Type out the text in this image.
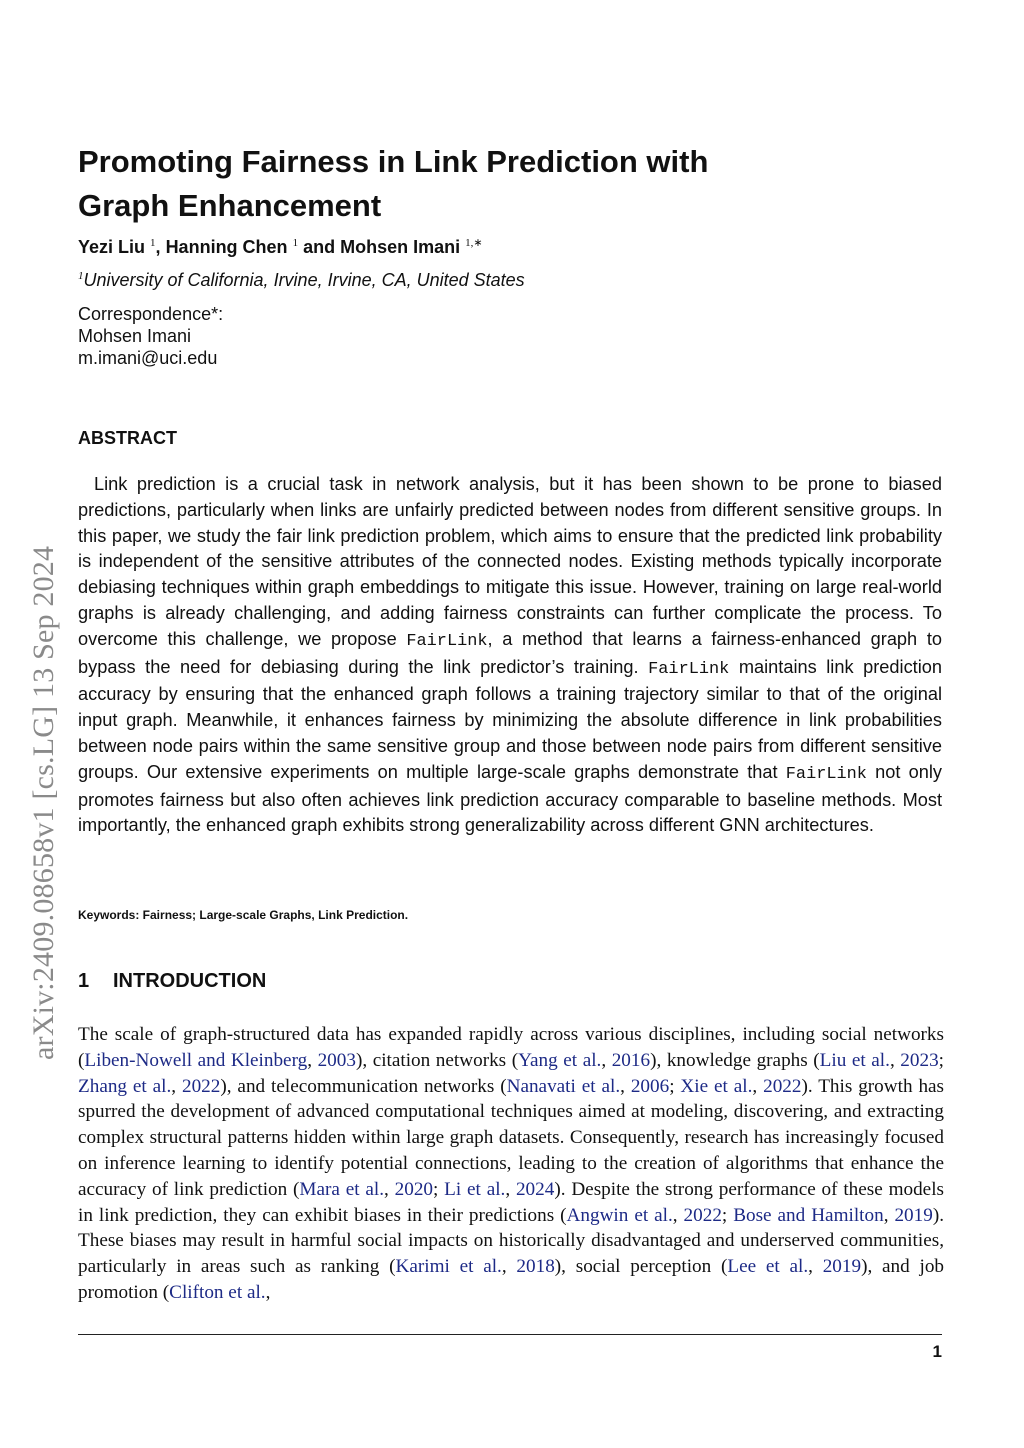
arXiv:2409.08658v1 [cs.LG] 13 Sep 2024
Promoting Fairness in Link Prediction with
Graph Enhancement
Yezi Liu $^1$, Hanning Chen $^1$ and Mohsen Imani $^{1,∗}$
$^1$University of California, Irvine, Irvine, CA, United States
Correspondence*:
Mohsen Imani
m.imani@uci.edu
ABSTRACT

Link prediction is a crucial task in network analysis, but it has been shown to be prone to biased predictions, particularly when links are unfairly predicted between nodes from different sensitive groups. In this paper, we study the fair link prediction problem, which aims to ensure that the predicted link probability is independent of the sensitive attributes of the connected nodes. Existing methods typically incorporate debiasing techniques within graph embeddings to mitigate this issue. However, training on large real-world graphs is already challenging, and adding fairness constraints can further complicate the process. To overcome this challenge, we propose FairLink, a method that learns a fairness-enhanced graph to bypass the need for debiasing during the link predictor’s training. FairLink maintains link prediction accuracy by ensuring that the enhanced graph follows a training trajectory similar to that of the original input graph. Meanwhile, it enhances fairness by minimizing the absolute difference in link probabilities between node pairs within the same sensitive group and those between node pairs from different sensitive groups. Our extensive experiments on multiple large-scale graphs demonstrate that FairLink not only promotes fairness but also often achieves link prediction accuracy comparable to baseline methods. Most importantly, the enhanced graph exhibits strong generalizability across different GNN architectures.

Keywords: Fairness; Large-scale Graphs, Link Prediction.
1 INTRODUCTION

The scale of graph-structured data has expanded rapidly across various disciplines, including social networks (Liben-Nowell and Kleinberg, 2003), citation networks (Yang et al., 2016), knowledge graphs (Liu et al., 2023; Zhang et al., 2022), and telecommunication networks (Nanavati et al., 2006; Xie et al., 2022). This growth has spurred the development of advanced computational techniques aimed at modeling, discovering, and extracting complex structural patterns hidden within large graph datasets. Consequently, research has increasingly focused on inference learning to identify potential connections, leading to the creation of algorithms that enhance the accuracy of link prediction (Mara et al., 2020; Li et al., 2024). Despite the strong performance of these models in link prediction, they can exhibit biases in their predictions (Angwin et al., 2022; Bose and Hamilton, 2019). These biases may result in harmful social impacts on historically disadvantaged and underserved communities, particularly in areas such as ranking (Karimi et al., 2018), social perception (Lee et al., 2019), and job promotion (Clifton et al.,

1
